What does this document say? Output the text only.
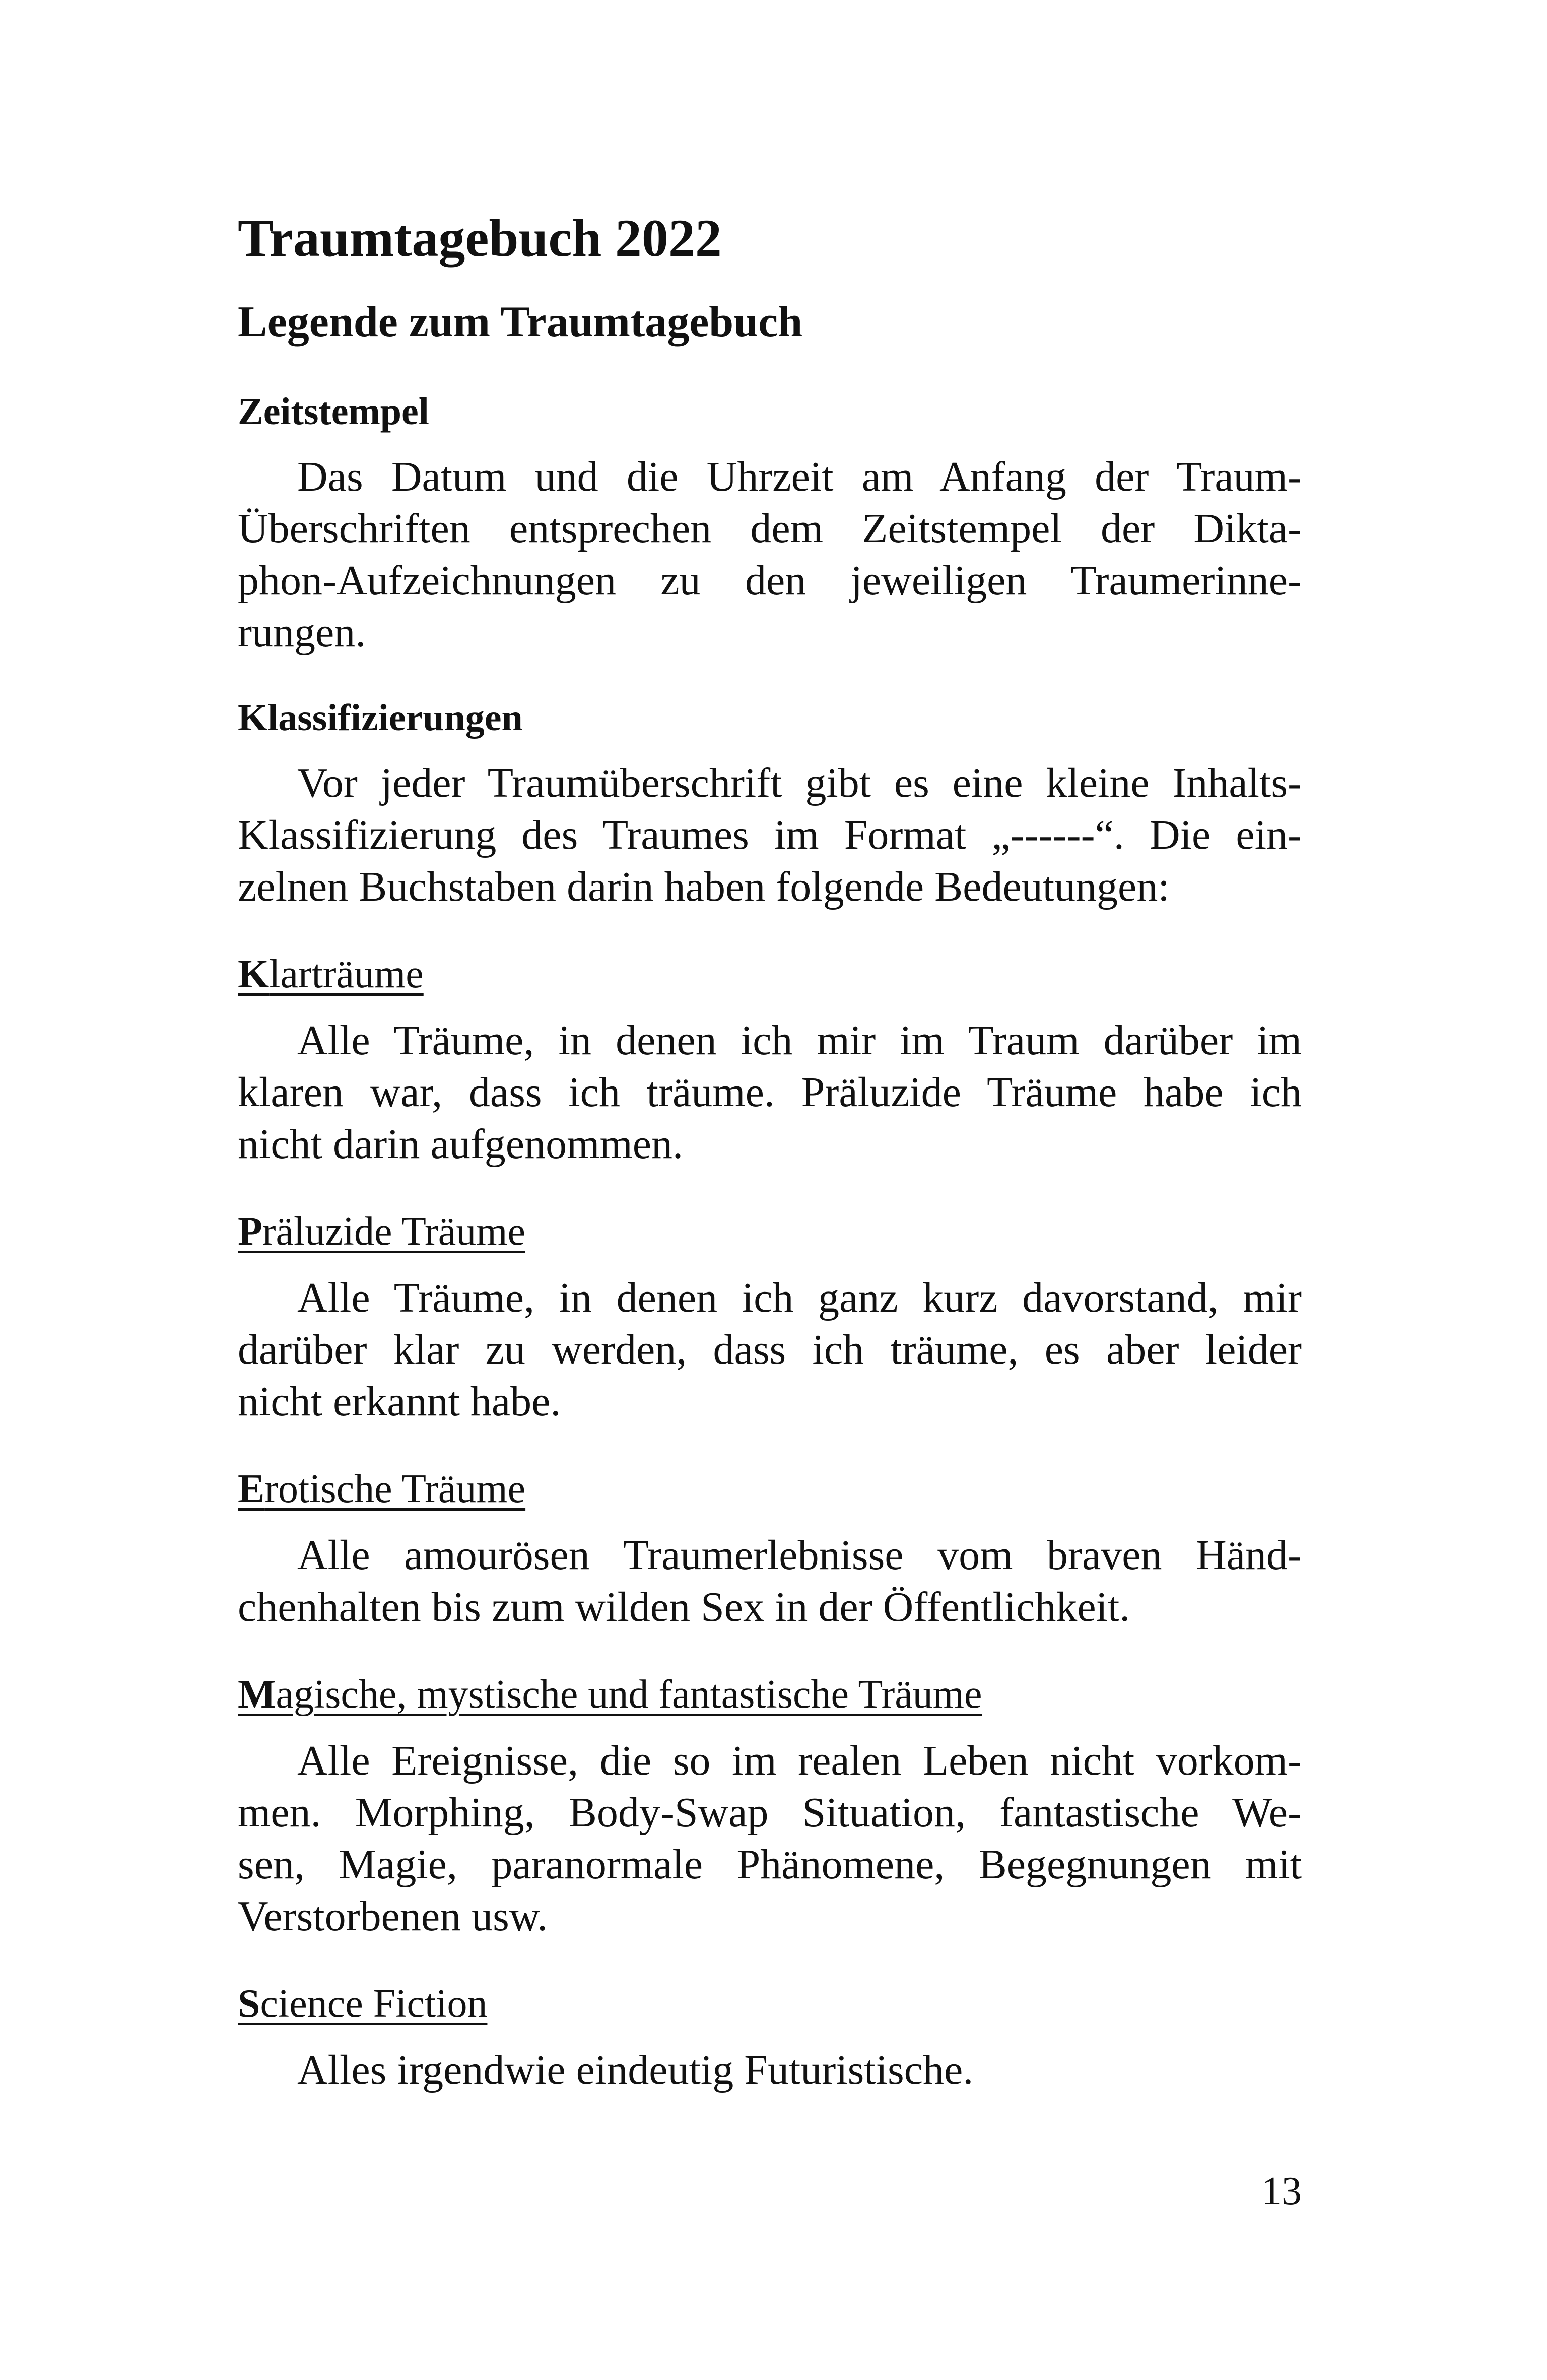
Traumtagebuch 2022
Legende zum Traumtagebuch
Zeitstempel

Das Datum und die Uhrzeit am Anfang der Traum-
Überschriften entsprechen dem Zeitstempel der Dikta-
phon-Aufzeichnungen zu den jeweiligen Traumerinne-
rungen.

Klassifizierungen

Vor jeder Traumüberschrift gibt es eine kleine Inhalts-
Klassifizierung des Traumes im Format „------“. Die ein-
zelnen Buchstaben darin haben folgende Bedeutungen:

Klarträume

Alle Träume, in denen ich mir im Traum darüber im
klaren war, dass ich träume. Präluzide Träume habe ich
nicht darin aufgenommen.

Präluzide Träume

Alle Träume, in denen ich ganz kurz davorstand, mir
darüber klar zu werden, dass ich träume, es aber leider
nicht erkannt habe.

Erotische Träume

Alle amourösen Traumerlebnisse vom braven Händ-
chenhalten bis zum wilden Sex in der Öffentlichkeit.

Magische, mystische und fantastische Träume

Alle Ereignisse, die so im realen Leben nicht vorkom-
men. Morphing, Body-Swap Situation, fantastische We-
sen, Magie, paranormale Phänomene, Begegnungen mit
Verstorbenen usw.

Science Fiction

Alles irgendwie eindeutig Futuristische.

13
